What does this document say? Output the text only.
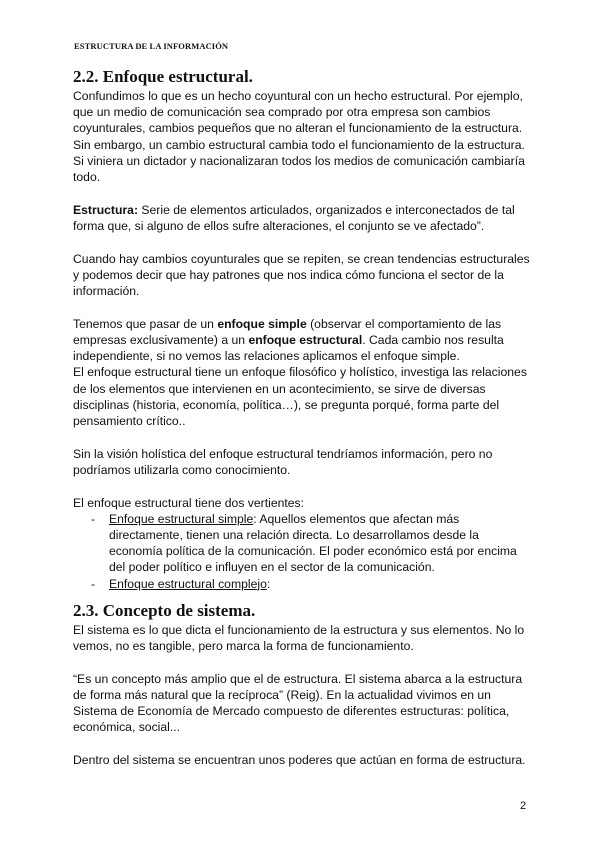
ESTRUCTURA DE LA INFORMACIÓN
2.2. Enfoque estructural.

Confundimos lo que es un hecho coyuntural con un hecho estructural. Por ejemplo, que un medio de comunicación sea comprado por otra empresa son cambios coyunturales, cambios pequeños que no alteran el funcionamiento de la estructura. Sin embargo, un cambio estructural cambia todo el funcionamiento de la estructura. Si viniera un dictador y nacionalizaran todos los medios de comunicación cambiaría todo.

Estructura: Serie de elementos articulados, organizados e interconectados de tal forma que, si alguno de ellos sufre alteraciones, el conjunto se ve afectado”.

Cuando hay cambios coyunturales que se repiten, se crean tendencias estructurales y podemos decir que hay patrones que nos indica cómo funciona el sector de la información.

Tenemos que pasar de un enfoque simple (observar el comportamiento de las empresas exclusivamente) a un enfoque estructural. Cada cambio nos resulta independiente, si no vemos las relaciones aplicamos el enfoque simple.

El enfoque estructural tiene un enfoque filosófico y holístico, investiga las relaciones de los elementos que intervienen en un acontecimiento, se sirve de diversas disciplinas (historia, economía, política…), se pregunta porqué, forma parte del pensamiento crítico..

Sin la visión holística del enfoque estructural tendríamos información, pero no podríamos utilizarla como conocimiento.

El enfoque estructural tiene dos vertientes:

- Enfoque estructural simple: Aquellos elementos que afectan más directamente, tienen una relación directa. Lo desarrollamos desde la economía política de la comunicación. El poder económico está por encima del poder político e influyen en el sector de la comunicación.
- Enfoque estructural complejo:
2.3. Concepto de sistema.

El sistema es lo que dicta el funcionamiento de la estructura y sus elementos. No lo vemos, no es tangible, pero marca la forma de funcionamiento.

“Es un concepto más amplio que el de estructura. El sistema abarca a la estructura de forma más natural que la recíproca” (Reig). En la actualidad vivimos en un Sistema de Economía de Mercado compuesto de diferentes estructuras: política, económica, social...

Dentro del sistema se encuentran unos poderes que actúan en forma de estructura.

2
